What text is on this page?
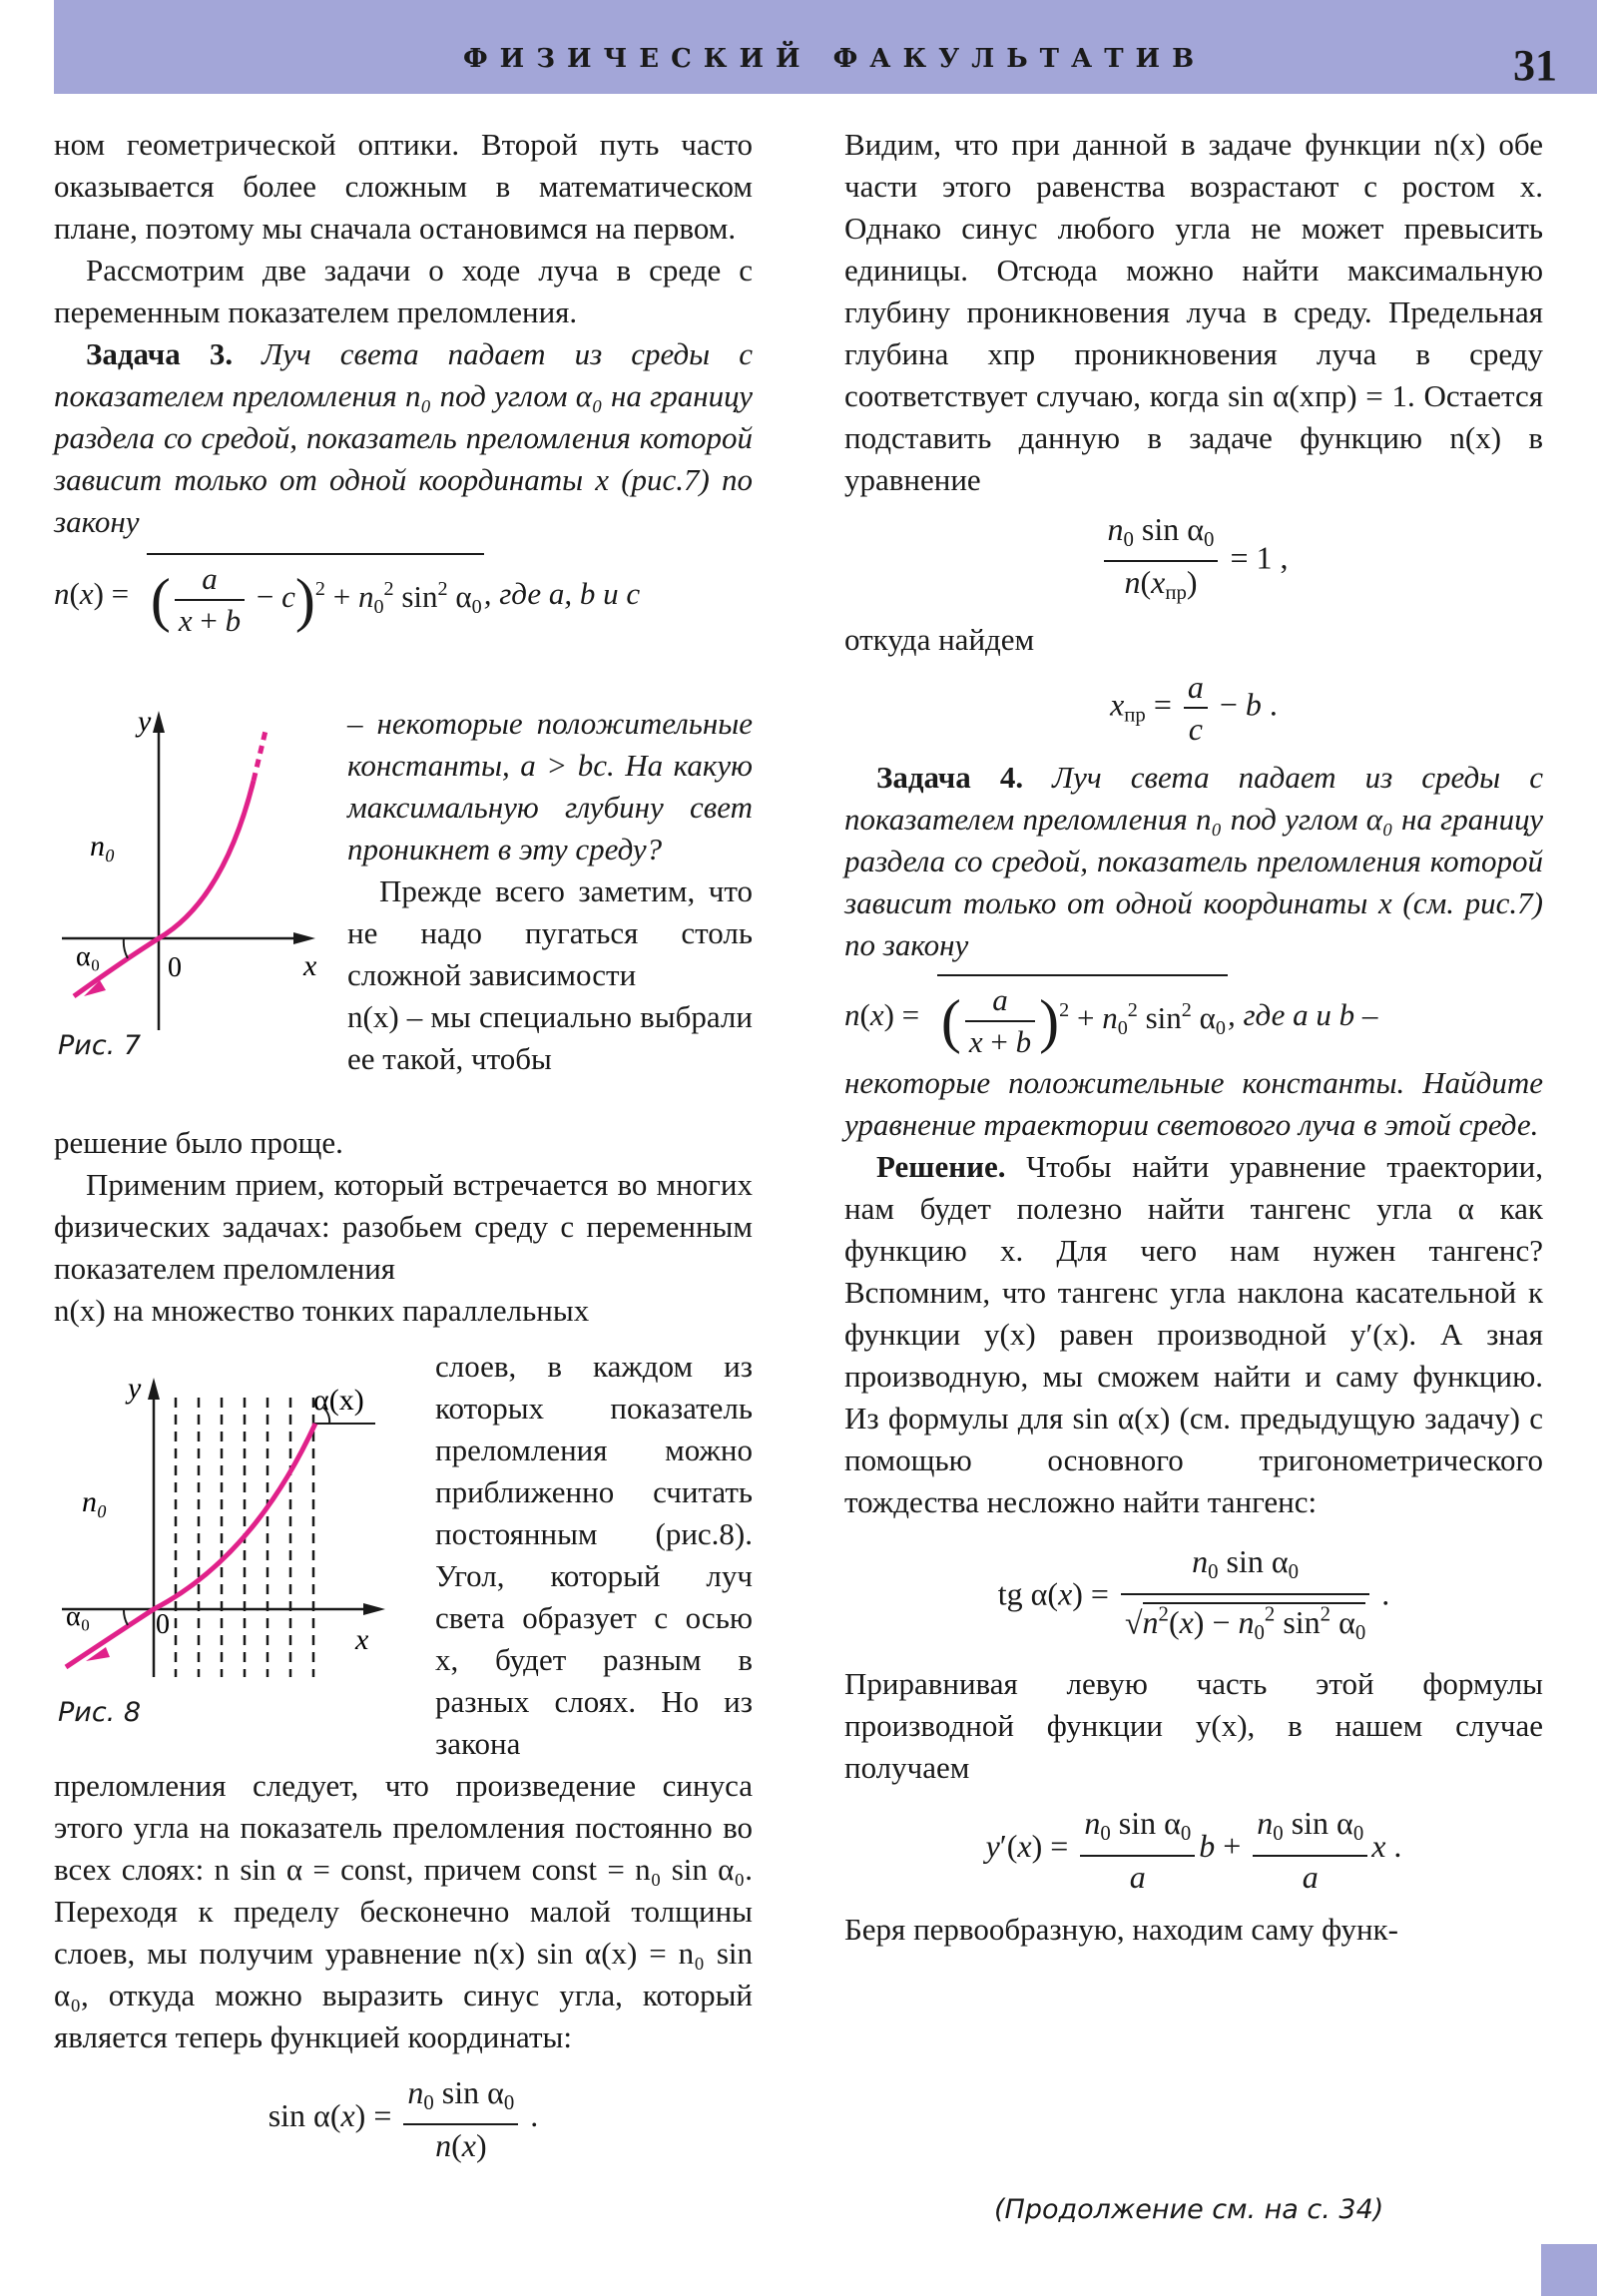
ФИЗИЧЕСКИЙ ФАКУЛЬТАТИВ	31

ном геометрической оптики. Второй путь часто оказывается более сложным в математическом плане, поэтому мы сначала остановимся на первом.

Рассмотрим две задачи о ходе луча в среде с переменным показателем преломления.

Задача 3. Луч света падает из среды с показателем преломления n₀ под углом α₀ на границу раздела со средой, показатель преломления которой зависит только от одной координаты x (рис.7) по закону

n(x) = ( $\frac{a}{x + b} - c)^2 + n_0^2$ $\sin^2 \alpha_0$, где a, b и c
y
x
n₀
α₀ 0
Рис. 7

– некоторые положительные константы, a > bc. На какую максимальную глубину свет проникнет в эту среду?

Прежде всего заметим, что не надо пугаться столь сложной зависимости

n(x) – мы специально выбрали ее такой, чтобы

решение было проще.

Применим прием, который встречается во многих физических задачах: разобьем среду с переменным показателем преломления

n(x) на множество тонких параллельных

y
x
n₀
α₀ 0
α(x)
Рис. 8

слоев, в каждом из которых показатель преломления можно приближенно считать постоянным (рис.8). Угол, который луч света образует с осью x, будет разным в разных слоях. Но из закона

преломления следует, что произведение синуса этого угла на показатель преломления постоянно во всех слоях: n sin α = const, причем const = n₀ sin α₀. Переходя к пределу бесконечно малой толщины слоев, мы получим уравнение n(x) sin α(x) = n₀ sin α₀, откуда можно выразить синус угла, который является теперь функцией координаты:

$\sin \alpha(x) = \frac{n_0 \sin \alpha_0}{n(x)}$ .

Видим, что при данной в задаче функции n(x) обе части этого равенства возрастают с ростом x. Однако синус любого угла не может превысить единицы. Отсюда можно найти максимальную глубину проникновения луча в среду. Предельная глубина xпр проникновения луча в среду соответствует случаю, когда sin α(xпр) = 1. Остается подставить данную в задаче функцию n(x) в уравнение

$\frac{n_0 \sin \alpha_0}{n(x_{пр})} = 1$ ,

откуда найдем

$x_{пр} = \frac{a}{c} - b$ .

Задача 4. Луч света падает из среды с показателем преломления n₀ под углом α₀ на границу раздела со средой, показатель преломления которой зависит только от одной координаты x (см. рис.7) по закону

n(x) = ( $\frac{a}{x + b} )^2 + n_0^2$ $\sin^2 \alpha_0$, где a и b –

некоторые положительные константы. Найдите уравнение траектории светового луча в этой среде.

Решение. Чтобы найти уравнение траектории, нам будет полезно найти тангенс угла α как функцию x. Для чего нам нужен тангенс? Вспомним, что тангенс угла наклона касательной к функции y(x) равен производной y′(x). А зная производную, мы сможем найти и саму функцию. Из формулы для sin α(x) (см. предыдущую задачу) с помощью основного тригонометрического тождества несложно найти тангенс:

tg $\alpha(x) = \frac{n_0 \sin \alpha_0}{√n^2(x) - n_0^2 \sin^2 \alpha_0}$ .

Приравнивая левую часть этой формулы производной функции y(x), в нашем случае получаем

$y'(x) = \frac{n_0 \sin \alpha_0}{a}$ $b + \frac{n_0 \sin \alpha_0}{a}$ x .

Беря первообразную, находим саму функ-

(Продолжение см. на с. 34)
